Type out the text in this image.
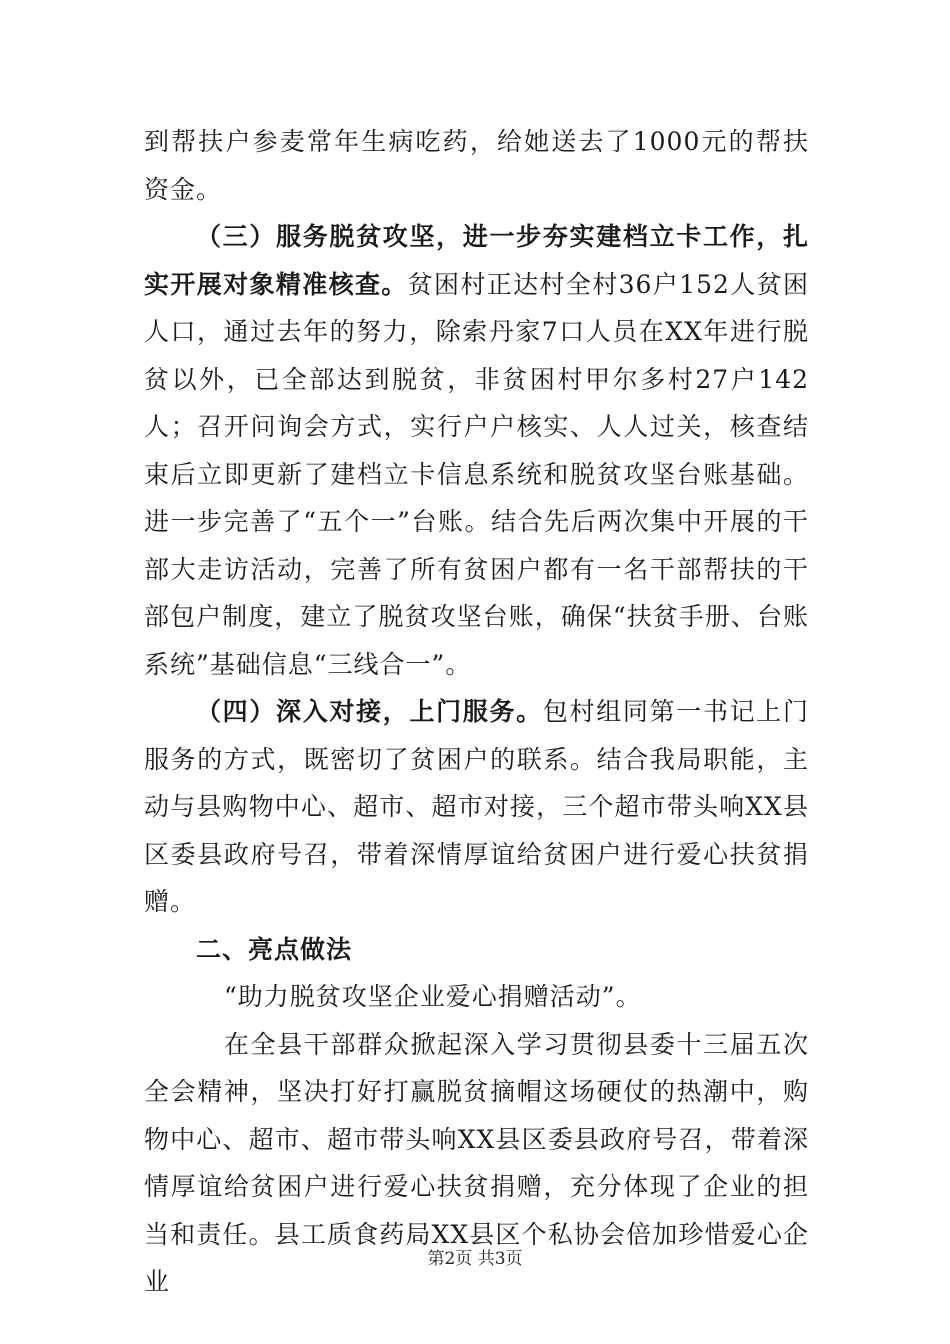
到帮扶户参麦常年生病吃药，给她送去了1000元的帮扶资金。

（三）服务脱贫攻坚，进一步夯实建档立卡工作，扎实开展对象精准核查。贫困村正达村全村36户152人贫困人口，通过去年的努力，除索丹家7口人员在XX年进行脱贫以外，已全部达到脱贫，非贫困村甲尔多村27户142人；召开问询会方式，实行户户核实、人人过关，核查结束后立即更新了建档立卡信息系统和脱贫攻坚台账基础。进一步完善了“五个一”台账。结合先后两次集中开展的干部大走访活动，完善了所有贫困户都有一名干部帮扶的干部包户制度，建立了脱贫攻坚台账，确保“扶贫手册、台账系统”基础信息“三线合一”。

（四）深入对接，上门服务。包村组同第一书记上门服务的方式，既密切了贫困户的联系。结合我局职能，主动与县购物中心、超市、超市对接，三个超市带头响XX县区委县政府号召，带着深情厚谊给贫困户进行爱心扶贫捐赠。

二、亮点做法

“助力脱贫攻坚企业爱心捐赠活动”。

在全县干部群众掀起深入学习贯彻县委十三届五次全会精神，坚决打好打赢脱贫摘帽这场硬仗的热潮中，购物中心、超市、超市带头响XX县区委县政府号召，带着深情厚谊给贫困户进行爱心扶贫捐赠，充分体现了企业的担当和责任。县工质食药局XX县区个私协会倍加珍惜爱心企业

第2页 共3页
